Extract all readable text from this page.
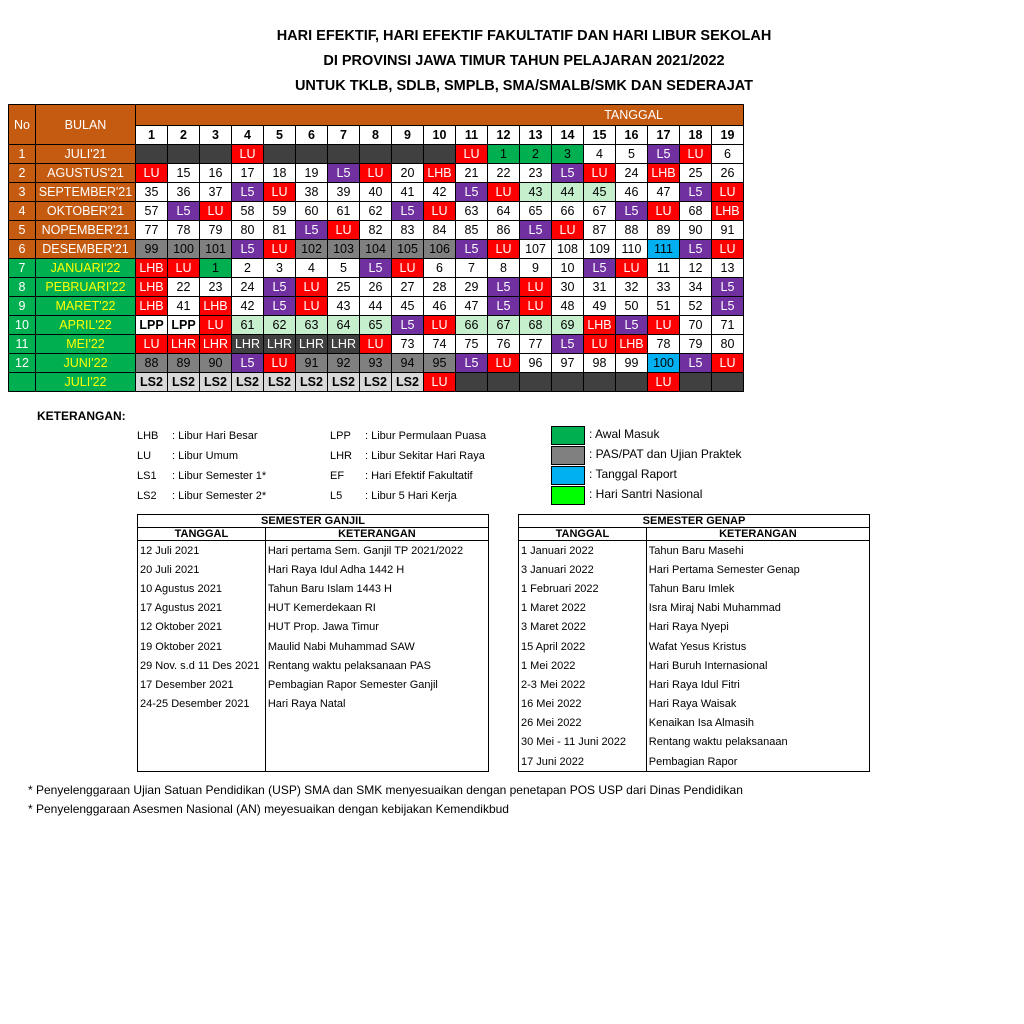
HARI EFEKTIF, HARI EFEKTIF FAKULTATIF DAN HARI LIBUR SEKOLAH
DI PROVINSI JAWA TIMUR TAHUN PELAJARAN 2021/2022
UNTUK TKLB, SDLB, SMPLB, SMA/SMALB/SMK DAN SEDERAJAT
No	BULAN	TANGGAL																		
		1	2	3	4	5	6	7	8	9	10	11	12	13	14	15	16	17	18	19
1	JULI'21				LU							LU	1	2	3	4	5	L5	LU	6
2	AGUSTUS'21	LU	15	16	17	18	19	L5	LU	20	LHB	21	22	23	L5	LU	24	LHB	25	26
3	SEPTEMBER'21	35	36	37	L5	LU	38	39	40	41	42	L5	LU	43	44	45	46	47	L5	LU
4	OKTOBER'21	57	L5	LU	58	59	60	61	62	L5	LU	63	64	65	66	67	L5	LU	68	LHB
5	NOPEMBER'21	77	78	79	80	81	L5	LU	82	83	84	85	86	L5	LU	87	88	89	90	91
6	DESEMBER'21	99	100	101	L5	LU	102	103	104	105	106	L5	LU	107	108	109	110	111	L5	LU
7	JANUARI'22	LHB	LU	1	2	3	4	5	L5	LU	6	7	8	9	10	L5	LU	11	12	13
8	PEBRUARI'22	LHB	22	23	24	L5	LU	25	26	27	28	29	L5	LU	30	31	32	33	34	L5
9	MARET'22	LHB	41	LHB	42	L5	LU	43	44	45	46	47	L5	LU	48	49	50	51	52	L5
10	APRIL'22	LPP	LPP	LU	61	62	63	64	65	L5	LU	66	67	68	69	LHB	L5	LU	70	71
11	MEI'22	LU	LHR	LHR	LHR	LHR	LHR	LHR	LU	73	74	75	76	77	L5	LU	LHB	78	79	80
12	JUNI'22	88	89	90	L5	LU	91	92	93	94	95	L5	LU	96	97	98	99	100	L5	LU
	JULI'22	LS2	LS2	LS2	LS2	LS2	LS2	LS2	LS2	LS2	LU							LU		
KETERANGAN:
LHB : Libur Hari Besar
LU : Libur Umum
LS1 : Libur Semester 1*
LS2 : Libur Semester 2*
LPP : Libur Permulaan Puasa
LHR : Libur Sekitar Hari Raya
EF : Hari Efektif Fakultatif
L5 : Libur 5 Hari Kerja
: Awal Masuk
: PAS/PAT dan Ujian Praktek
: Tanggal Raport
: Hari Santri Nasional
SEMESTER GANJIL	
TANGGAL	KETERANGAN
12 Juli 2021	Hari pertama Sem. Ganjil TP 2021/2022
20 Juli 2021	Hari Raya Idul Adha 1442 H
10 Agustus 2021	Tahun Baru Islam 1443 H
17 Agustus 2021	HUT Kemerdekaan RI
12 Oktober 2021	HUT Prop. Jawa Timur
19 Oktober 2021	Maulid Nabi Muhammad SAW
29 Nov. s.d 11 Des 2021	Rentang waktu pelaksanaan PAS
17 Desember 2021	Pembagian Rapor Semester Ganjil
24-25 Desember 2021	Hari Raya Natal

SEMESTER GENAP	
TANGGAL	KETERANGAN
1 Januari 2022	Tahun Baru Masehi
3 Januari 2022	Hari Pertama Semester Genap
1 Februari 2022	Tahun Baru Imlek
1 Maret 2022	Isra Miraj Nabi Muhammad
3 Maret 2022	Hari Raya Nyepi
15 April 2022	Wafat Yesus Kristus
1 Mei 2022	Hari Buruh Internasional
2-3 Mei 2022	Hari Raya Idul Fitri
16 Mei 2022	Hari Raya Waisak
26 Mei 2022	Kenaikan Isa Almasih
30 Mei - 11 Juni 2022	Rentang waktu pelaksanaan
17 Juni 2022	Pembagian Rapor
* Penyelenggaraan Ujian Satuan Pendidikan (USP) SMA dan SMK menyesuaikan dengan penetapan POS USP dari Dinas Pendidikan
* Penyelenggaraan Asesmen Nasional (AN) meyesuaikan dengan kebijakan Kemendikbud
